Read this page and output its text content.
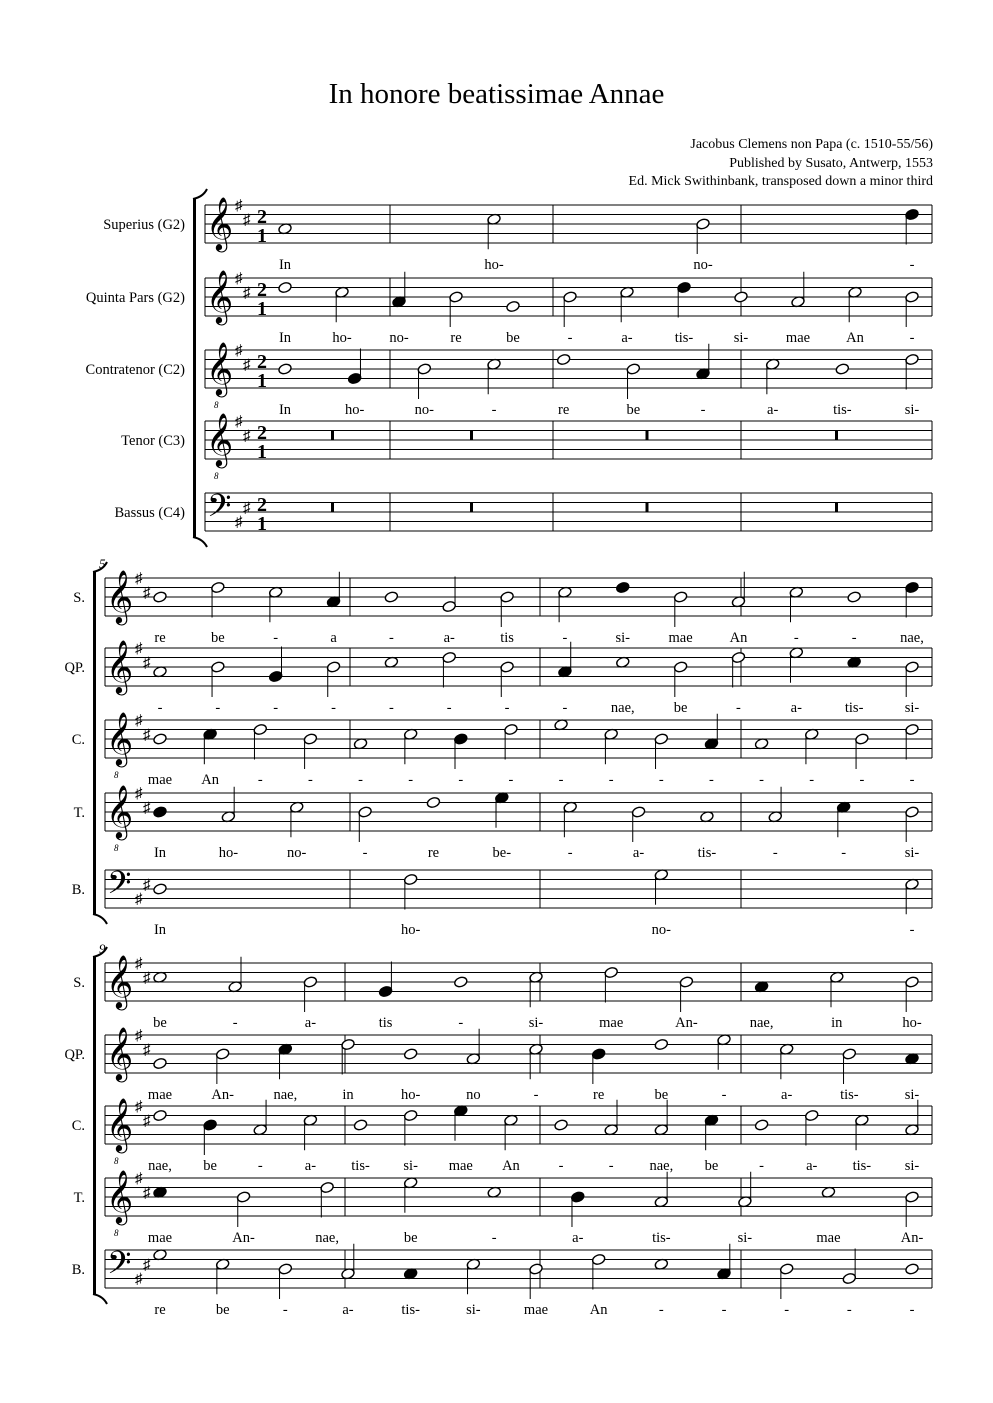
In honore beatissimae Annae
Jacobus Clemens non Papa (c. 1510-55/56)
Published by Susato, Antwerp, 1553
Ed. Mick Swithinbank, transposed down a minor third
Superius (G2) 𝄞 ♯
♯ 2
1
In	ho-	no-	-
Quinta Pars (G2) 𝄞 ♯
♯ 2
1
In	ho-	no-	re	be	-	a-	tis-	si-	mae An	-
Contratenor (C2) 𝄞
8
♯
♯ 2
1
In	ho-	no-	-	re	be	-	a-	tis-	si-
Tenor (C3) 𝄞
8
♯
♯ 2
1
Bassus (C4) 𝄢 ♯
♯ 2
1
5
S. 𝄞 ♯
♯
re	be	-	a	-	a-	tis	-	si-	mae	An	-	-	nae,
QP. 𝄞 ♯
♯
-	-	-	-	-	-	-	-	nae,	be	-	a-	tis-	si-
C. 𝄞
8
♯
♯
mae An	-	-	-	-	-	-	-	-	-	-	-	-	-	-
T. 𝄞
8
♯
♯
In	ho-	no-	-	re	be-	-	a-	tis-	-	-	si-
B. 𝄢 ♯
♯
In	ho-	no-	-
9
S. 𝄞 ♯
♯
be	-	a-	tis	-	si-	mae	An-	nae,	in	ho-
QP. 𝄞 ♯
♯
mae	An-	nae,	in	ho-	no	-	re	be	-	a-	tis-	si-
C. 𝄞
8
♯
♯
nae, be	-	a- tis- si- mae An	-	- nae, be	-	a- tis- si-
T. 𝄞
8
♯
♯
mae	An-	nae,	be	-	a-	tis-	si-	mae	An-
B. 𝄢 ♯
♯
re	be	-	a-	tis-	si-	mae	An	-	-	-	-	-
